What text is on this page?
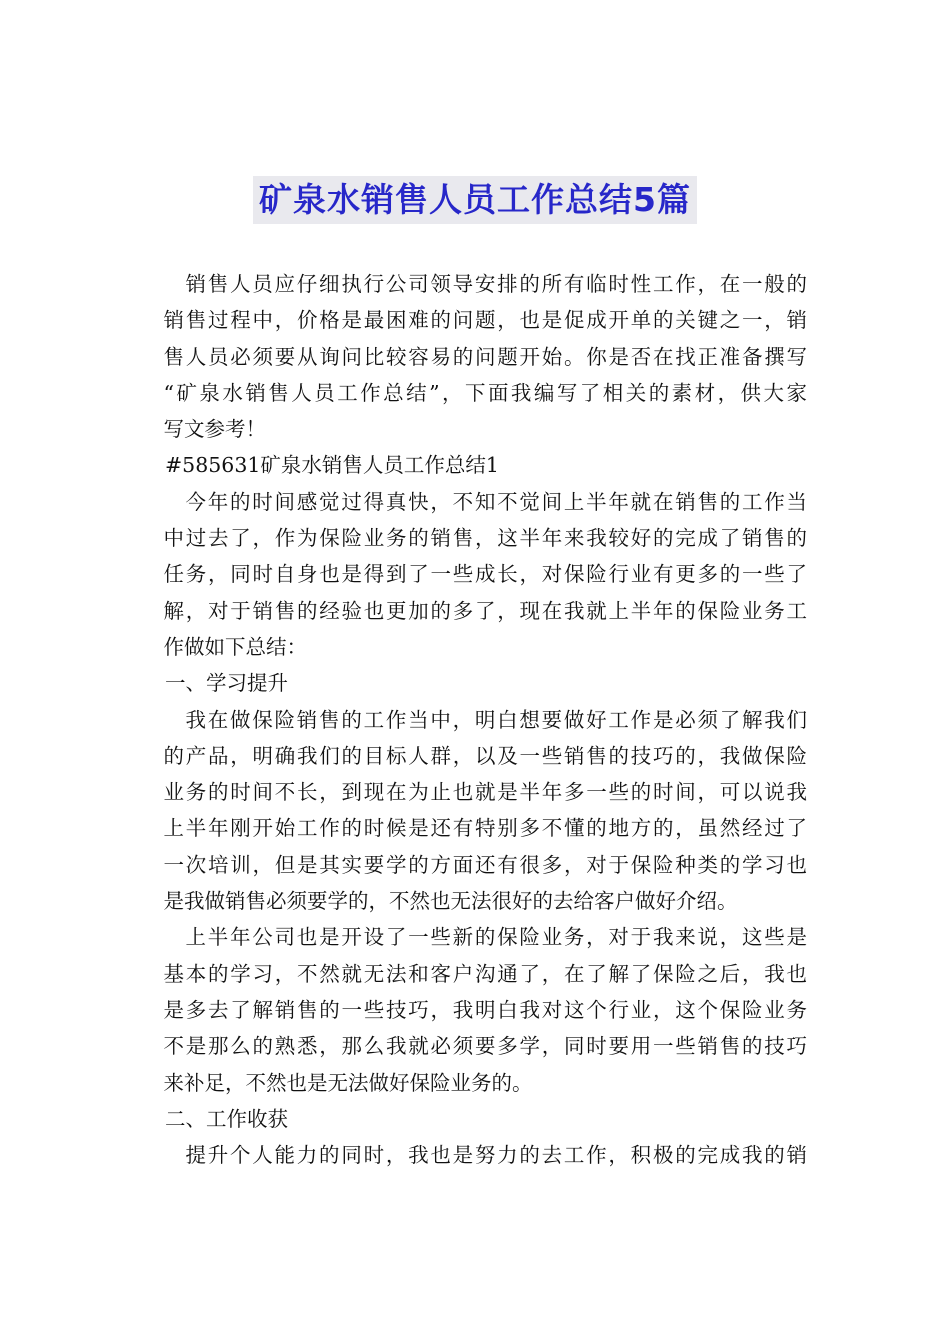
矿泉水销售人员工作总结5篇
销售人员应仔细执行公司领导安排的所有临时性工作，在一般的
销售过程中，价格是最困难的问题，也是促成开单的关键之一，销
售人员必须要从询问比较容易的问题开始。你是否在找正准备撰写
“矿泉水销售人员工作总结”，下面我编写了相关的素材，供大家
写文参考！
#585631矿泉水销售人员工作总结1
今年的时间感觉过得真快，不知不觉间上半年就在销售的工作当
中过去了，作为保险业务的销售，这半年来我较好的完成了销售的
任务，同时自身也是得到了一些成长，对保险行业有更多的一些了
解，对于销售的经验也更加的多了，现在我就上半年的保险业务工
作做如下总结：
一、学习提升
我在做保险销售的工作当中，明白想要做好工作是必须了解我们
的产品，明确我们的目标人群，以及一些销售的技巧的，我做保险
业务的时间不长，到现在为止也就是半年多一些的时间，可以说我
上半年刚开始工作的时候是还有特别多不懂的地方的，虽然经过了
一次培训，但是其实要学的方面还有很多，对于保险种类的学习也
是我做销售必须要学的，不然也无法很好的去给客户做好介绍。
上半年公司也是开设了一些新的保险业务，对于我来说，这些是
基本的学习，不然就无法和客户沟通了，在了解了保险之后，我也
是多去了解销售的一些技巧，我明白我对这个行业，这个保险业务
不是那么的熟悉，那么我就必须要多学，同时要用一些销售的技巧
来补足，不然也是无法做好保险业务的。
二、工作收获
提升个人能力的同时，我也是努力的去工作，积极的完成我的销
